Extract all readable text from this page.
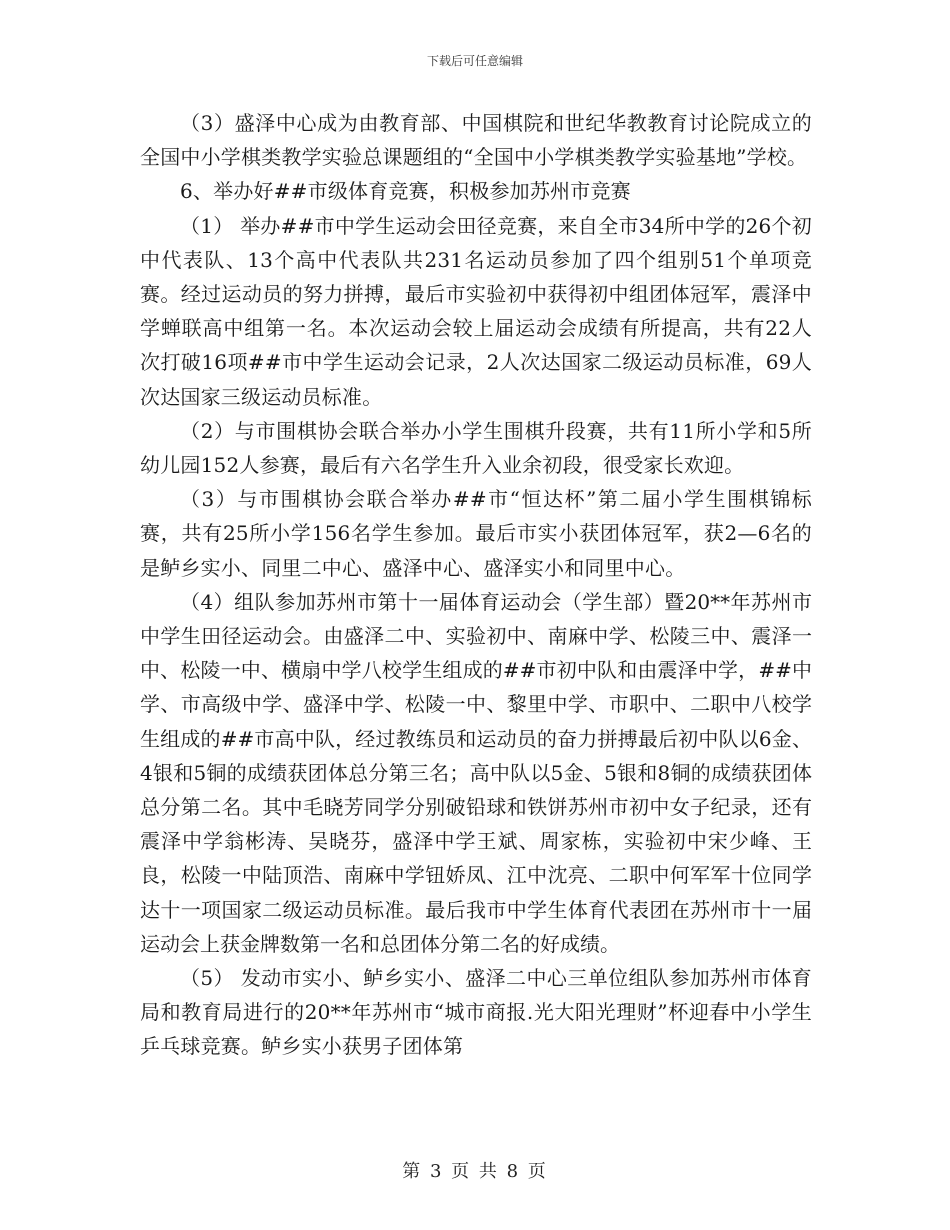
下载后可任意编辑

（3）盛泽中心成为由教育部、中国棋院和世纪华教教育讨论院成立的全国中小学棋类教学实验总课题组的“全国中小学棋类教学实验基地”学校。

6、举办好##市级体育竞赛，积极参加苏州市竞赛

（1） 举办##市中学生运动会田径竞赛，来自全市34所中学的26个初中代表队、13个高中代表队共231名运动员参加了四个组别51个单项竞赛。经过运动员的努力拼搏，最后市实验初中获得初中组团体冠军，震泽中学蝉联高中组第一名。本次运动会较上届运动会成绩有所提高，共有22人次打破16项##市中学生运动会记录，2人次达国家二级运动员标准，69人次达国家三级运动员标准。

（2）与市围棋协会联合举办小学生围棋升段赛，共有11所小学和5所幼儿园152人参赛，最后有六名学生升入业余初段，很受家长欢迎。

（3）与市围棋协会联合举办##市“恒达杯”第二届小学生围棋锦标赛，共有25所小学156名学生参加。最后市实小获团体冠军，获2—6名的是鲈乡实小、同里二中心、盛泽中心、盛泽实小和同里中心。

（4）组队参加苏州市第十一届体育运动会（学生部）暨20**年苏州市中学生田径运动会。由盛泽二中、实验初中、南麻中学、松陵三中、震泽一中、松陵一中、横扇中学八校学生组成的##市初中队和由震泽中学，##中学、市高级中学、盛泽中学、松陵一中、黎里中学、市职中、二职中八校学生组成的##市高中队，经过教练员和运动员的奋力拼搏最后初中队以6金、4银和5铜的成绩获团体总分第三名；高中队以5金、5银和8铜的成绩获团体总分第二名。其中毛晓芳同学分别破铅球和铁饼苏州市初中女子纪录，还有震泽中学翁彬涛、吴晓芬，盛泽中学王斌、周家栋，实验初中宋少峰、王良，松陵一中陆顶浩、南麻中学钮娇凤、江中沈亮、二职中何军军十位同学达十一项国家二级运动员标准。最后我市中学生体育代表团在苏州市十一届运动会上获金牌数第一名和总团体分第二名的好成绩。

（5） 发动市实小、鲈乡实小、盛泽二中心三单位组队参加苏州市体育局和教育局进行的20**年苏州市“城市商报.光大阳光理财”杯迎春中小学生乒乓球竞赛。鲈乡实小获男子团体第

第 3 页 共 8 页
